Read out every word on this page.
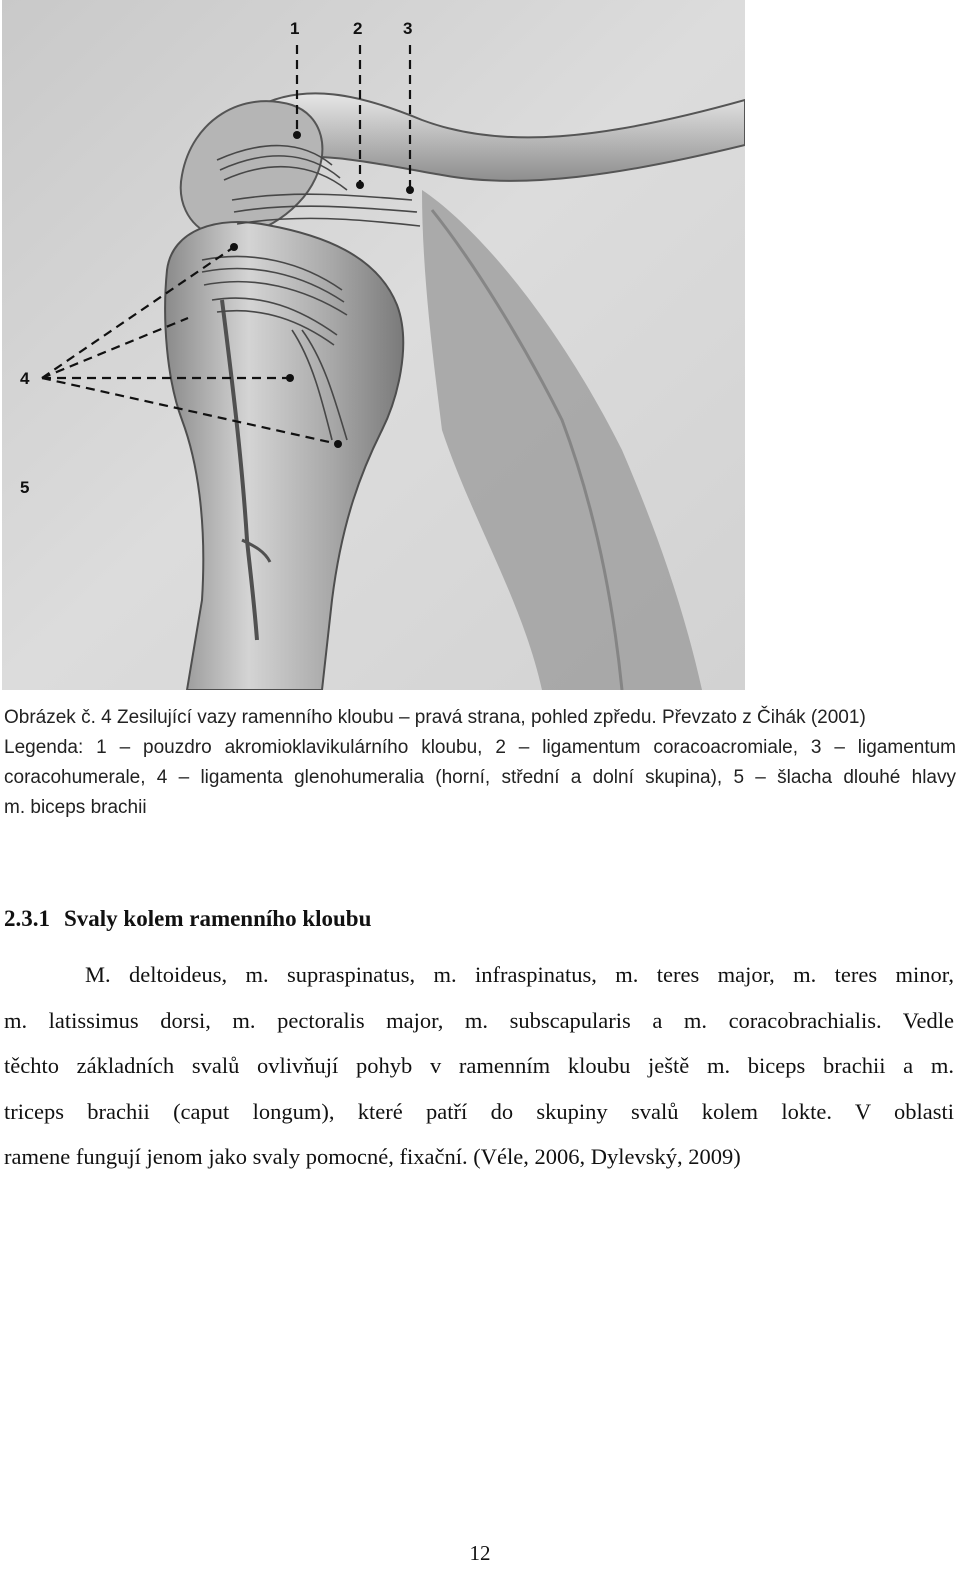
1	2 3
4
5
Obrázek č. 4 Zesilující vazy ramenního kloubu – pravá strana, pohled zpředu. Převzato z Čihák (2001)
Legenda: 1 – pouzdro akromioklavikulárního kloubu, 2 – ligamentum coracoacromiale, 3 – ligamentum
coracohumerale, 4 – ligamenta glenohumeralia (horní, střední a dolní skupina), 5 – šlacha dlouhé hlavy
m. biceps brachii
2.3.1 Svaly kolem ramenního kloubu
M. deltoideus, m. supraspinatus, m. infraspinatus, m. teres major, m. teres minor,
m. latissimus dorsi, m. pectoralis major, m. subscapularis a m. coracobrachialis. Vedle
těchto základních svalů ovlivňují pohyb v ramenním kloubu ještě m. biceps brachii a m.
triceps brachii (caput longum), které patří do skupiny svalů kolem lokte. V oblasti
ramene fungují jenom jako svaly pomocné, fixační. (Véle, 2006, Dylevský, 2009)
12
